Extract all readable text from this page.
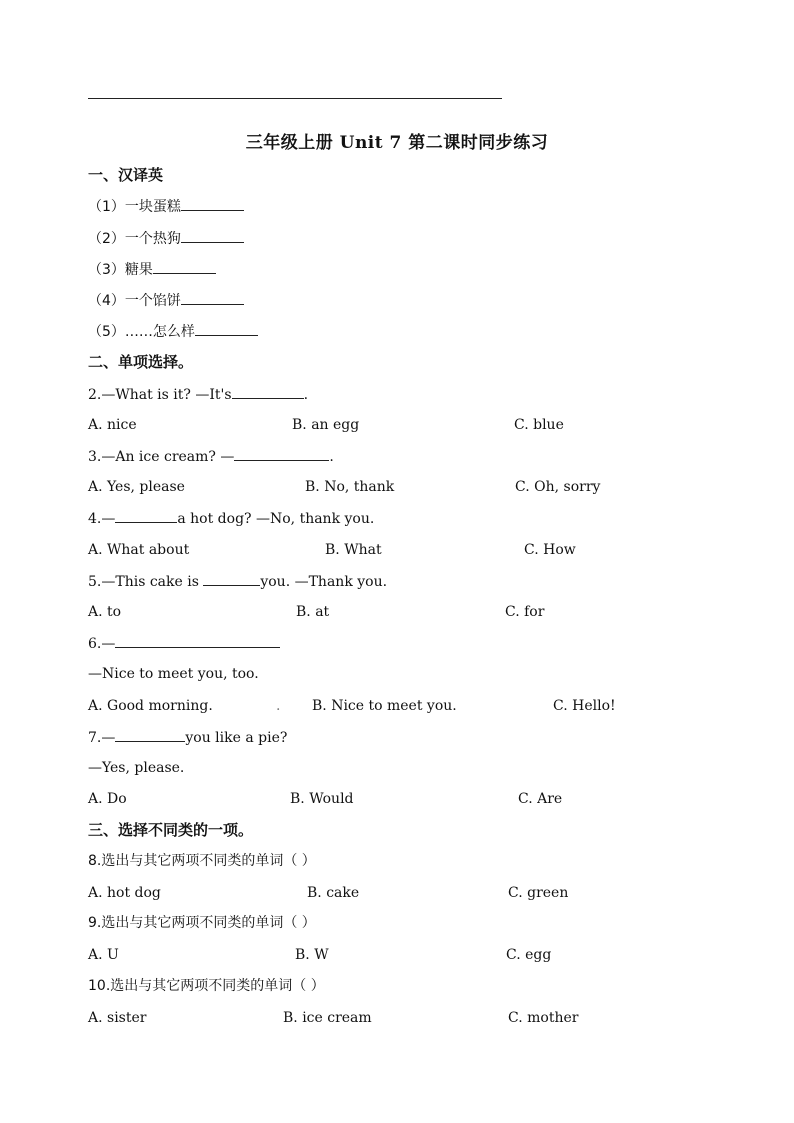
三年级上册 Unit 7 第二课时同步练习
一、汉译英
（1）一块蛋糕
（2）一个热狗
（3）糖果
（4）一个馅饼
（5）……怎么样
二、单项选择。
2.—What is it? —It's	.
A. nice	B. an egg	C. blue
3.—An ice cream? —	.
A. Yes, please	B. No, thank	C. Oh, sorry
4.—	a hot dog? —No, thank you.
A. What about	B. What	C. How
5.—This cake is	you. —Thank you.
A. to	B. at	C. for
6.—
—Nice to meet you, too.
A. Good morning.	. B. Nice to meet you.	C. Hello!
7.—	you like a pie?
—Yes, please.
A. Do	B. Would	C. Are
三、选择不同类的一项。
8.选出与其它两项不同类的单词（ ）
A. hot dog	B. cake	C. green
9.选出与其它两项不同类的单词（ ）
A. U	B. W	C. egg
10.选出与其它两项不同类的单词（ ）
A. sister	B. ice cream	C. mother
